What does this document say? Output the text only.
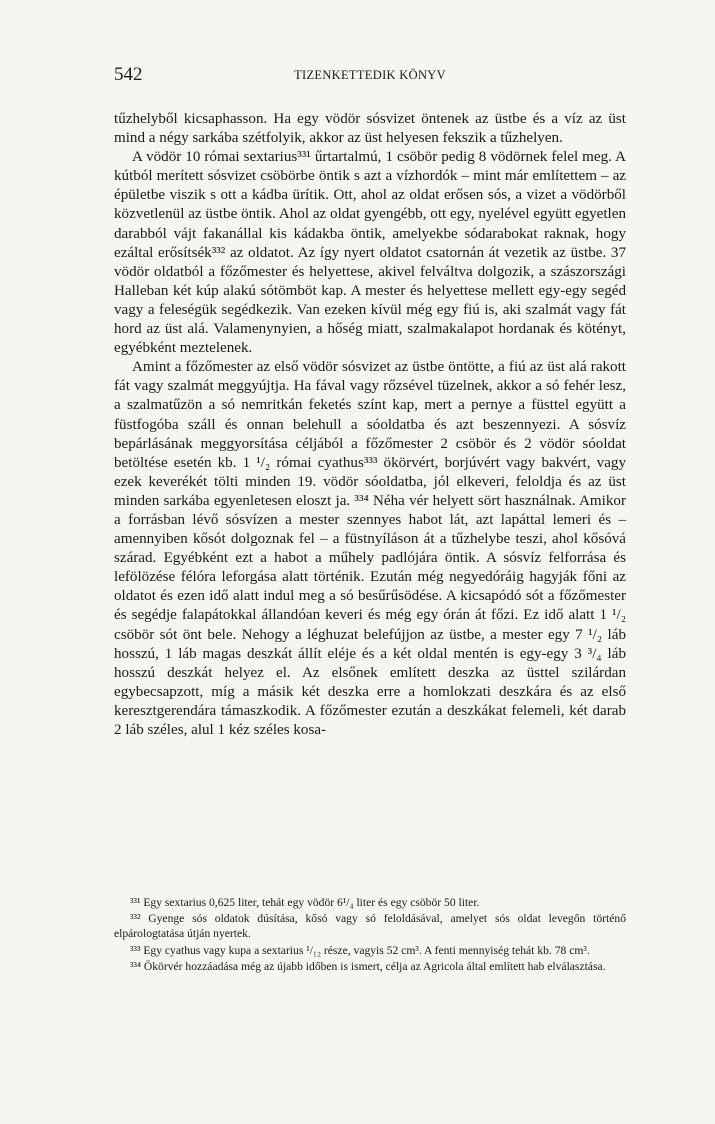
542	TIZENKETTEDIK KÖNYV

tűzhelyből kicsaphasson. Ha egy vödör sósvizet öntenek az üstbe és a víz az üst mind a négy sarkába szétfolyik, akkor az üst helyesen fekszik a tűzhelyen.

A vödör 10 római sextarius³³¹ űrtartalmú, 1 csöbör pedig 8 vödörnek felel meg. A kútból merített sósvizet csöbörbe öntik s azt a vízhordók – mint már említettem – az épületbe viszik s ott a kádba ürítik. Ott, ahol az oldat erősen sós, a vizet a vödörből közvetlenül az üstbe öntik. Ahol az oldat gyengébb, ott egy, nyelével együtt egyetlen darabból vájt fakanállal kis kádakba öntik, amelyekbe sódarabokat raknak, hogy ezáltal erősítsék³³² az oldatot. Az így nyert oldatot csatornán át vezetik az üstbe. 37 vödör oldatból a főzőmester és helyettese, akivel felváltva dolgozik, a szászországi Halleban két kúp alakú sótömböt kap. A mester és helyettese mellett egy-egy segéd vagy a feleségük segédkezik. Van ezeken kívül még egy fiú is, aki szalmát vagy fát hord az üst alá. Valamenynyien, a hőség miatt, szalmakalapot hordanak és kötényt, egyébként meztelenek.

Amint a főzőmester az első vödör sósvizet az üstbe öntötte, a fiú az üst alá rakott fát vagy szalmát meggyújtja. Ha fával vagy rőzsével tüzelnek, akkor a só fehér lesz, a szalmatűzön a só nemritkán feketés színt kap, mert a pernye a füsttel együtt a füstfogóba száll és onnan belehull a sóoldatba és azt beszennyezi. A sósvíz bepárlásának meggyorsítása céljából a főzőmester 2 csöbör és 2 vödör sóoldat betöltése esetén kb. 1 ¹/₂ római cyathus³³³ ökörvért, borjúvért vagy bakvért, vagy ezek keverékét tölti minden 19. vödör sóoldatba, jól elkeveri, feloldja és az üst minden sarkába egyenletesen eloszt ja. ³³⁴ Néha vér helyett sört használnak. Amikor a forrásban lévő sósvízen a mester szennyes habot lát, azt lapáttal lemeri és – amennyiben kősót dolgoznak fel – a füstnyíláson át a tűzhelybe teszi, ahol kősóvá szárad. Egyébként ezt a habot a műhely padlójára öntik. A sósvíz felforrása és lefölözése félóra leforgása alatt történik. Ezután még negyedóráig hagyják főni az oldatot és ezen idő alatt indul meg a só besűrűsödése. A kicsapódó sót a főzőmester és segédje falapátokkal állandóan keveri és még egy órán át főzi. Ez idő alatt 1 ¹/₂ csöbör sót önt bele. Nehogy a léghuzat belefújjon az üstbe, a mester egy 7 ¹/₂ láb hosszú, 1 láb magas deszkát állít eléje és a két oldal mentén is egy-egy 3 ³/₄ láb hosszú deszkát helyez el. Az elsőnek említett deszka az üsttel szilárdan egybecsapzott, míg a másik két deszka erre a homlokzati deszkára és az első keresztgerendára támaszkodik. A főzőmester ezután a deszkákat felemeli, két darab 2 láb széles, alul 1 kéz széles kosa-

³³¹ Egy sextarius 0,625 liter, tehát egy vödör 6¹/₄ liter és egy csöbör 50 liter.

³³² Gyenge sós oldatok dúsítása, kősó vagy só feloldásával, amelyet sós oldat levegőn történő elpárologtatása útján nyertek.

³³³ Egy cyathus vagy kupa a sextarius ¹/₁₂ része, vagyis 52 cm³. A fenti mennyiség tehát kb. 78 cm³.

³³⁴ Ökörvér hozzáadása még az újabb időben is ismert, célja az Agricola által említett hab elválasztása.
